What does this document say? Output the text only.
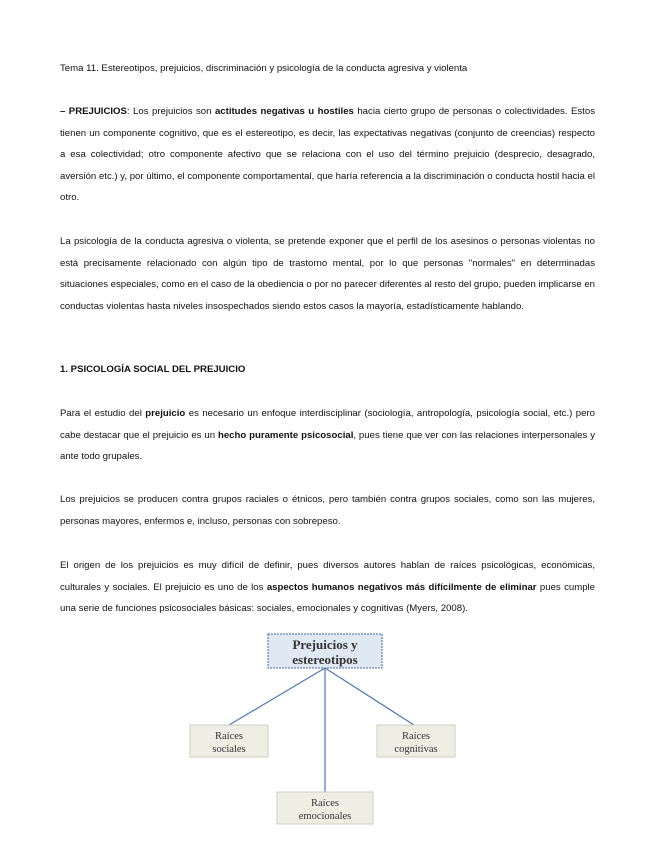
Tema 11. Estereotipos, prejuicios, discriminación y psicología de la conducta agresiva y violenta

– PREJUICIOS: Los prejuicios son actitudes negativas u hostiles hacia cierto grupo de personas o colectividades. Estos tienen un componente cognitivo, que es el estereotipo, es decir, las expectativas negativas (conjunto de creencias) respecto a esa colectividad; otro componente afectivo que se relaciona con el uso del término prejuicio (desprecio, desagrado, aversión etc.) y, por último, el componente comportamental, que haría referencia a la discriminación o conducta hostil hacia el otro.

La psicología de la conducta agresiva o violenta, se pretende exponer que el perfil de los asesinos o personas violentas no está precisamente relacionado con algún tipo de trastorno mental, por lo que personas "normales" en determinadas situaciones especiales, como en el caso de la obediencia o por no parecer diferentes al resto del grupo, pueden implicarse en conductas violentas hasta niveles insospechados siendo estos casos la mayoría, estadísticamente hablando.

1. PSICOLOGÍA SOCIAL DEL PREJUICIO

Para el estudio del prejuicio es necesario un enfoque interdisciplinar (sociología, antropología, psicología social, etc.) pero cabe destacar que el prejuicio es un hecho puramente psicosocial, pues tiene que ver con las relaciones interpersonales y ante todo grupales.

Los prejuicios se producen contra grupos raciales o étnicos, pero también contra grupos sociales, como son las mujeres, personas mayores, enfermos e, incluso, personas con sobrepeso.

El origen de los prejuicios es muy difícil de definir, pues diversos autores hablan de raíces psicológicas, económicas, culturales y sociales. El prejuicio es uno de los aspectos humanos negativos más difícilmente de eliminar pues cumple una serie de funciones psicosociales básicas: sociales, emocionales y cognitivas (Myers, 2008).

Prejuicios y
estereotipos
Raíces
sociales
Raíces
cognitivas
Raíces
emocionales
